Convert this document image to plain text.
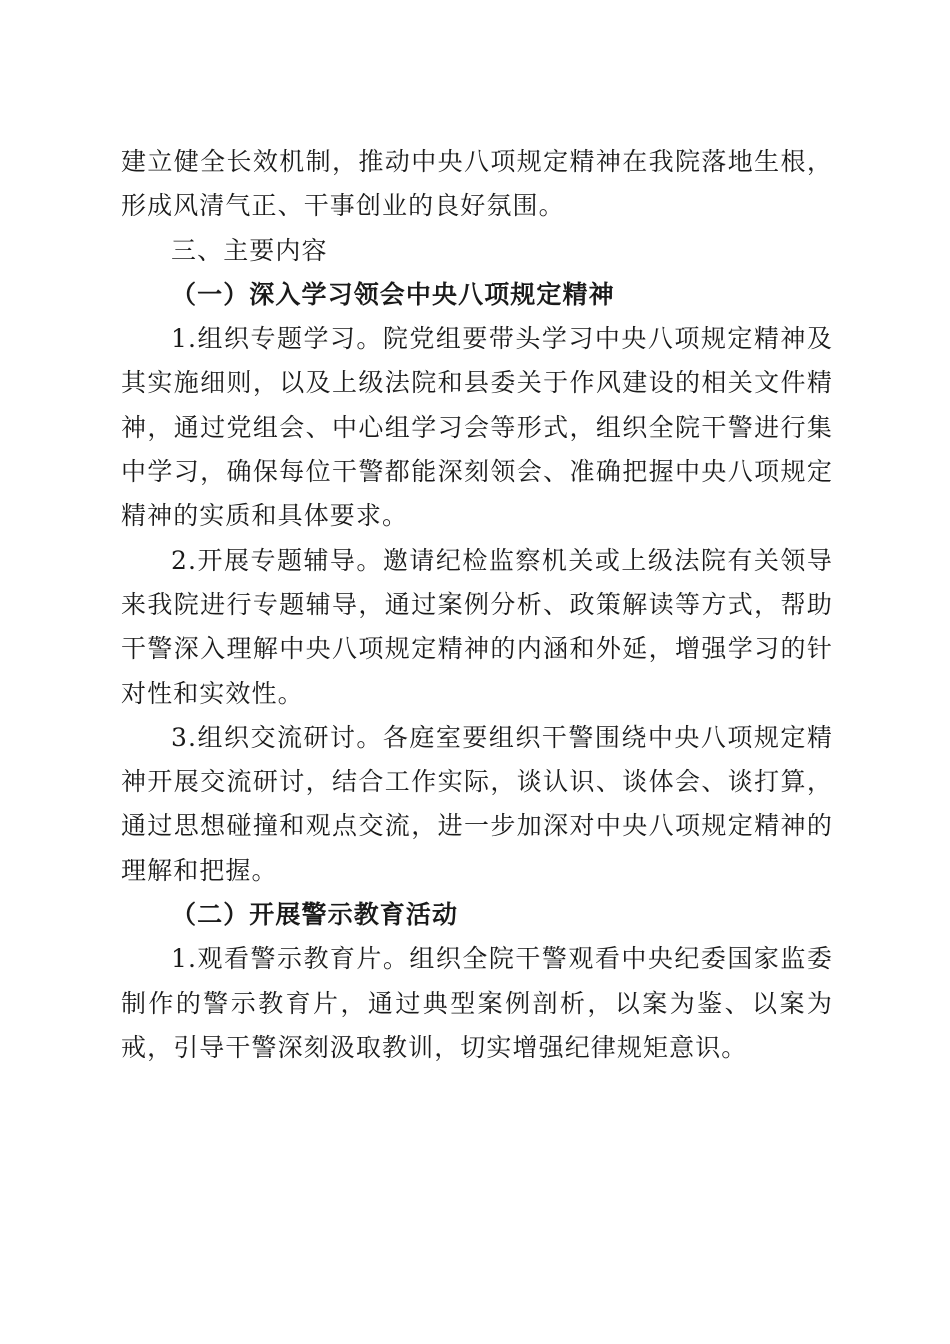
建立健全长效机制，推动中央八项规定精神在我院落地生根，形成风清气正、干事创业的良好氛围。

三、主要内容

（一）深入学习领会中央八项规定精神

1.组织专题学习。院党组要带头学习中央八项规定精神及其实施细则，以及上级法院和县委关于作风建设的相关文件精神，通过党组会、中心组学习会等形式，组织全院干警进行集中学习，确保每位干警都能深刻领会、准确把握中央八项规定精神的实质和具体要求。

2.开展专题辅导。邀请纪检监察机关或上级法院有关领导来我院进行专题辅导，通过案例分析、政策解读等方式，帮助干警深入理解中央八项规定精神的内涵和外延，增强学习的针对性和实效性。

3.组织交流研讨。各庭室要组织干警围绕中央八项规定精神开展交流研讨，结合工作实际，谈认识、谈体会、谈打算，通过思想碰撞和观点交流，进一步加深对中央八项规定精神的理解和把握。

（二）开展警示教育活动

1.观看警示教育片。组织全院干警观看中央纪委国家监委制作的警示教育片，通过典型案例剖析，以案为鉴、以案为戒，引导干警深刻汲取教训，切实增强纪律规矩意识。
